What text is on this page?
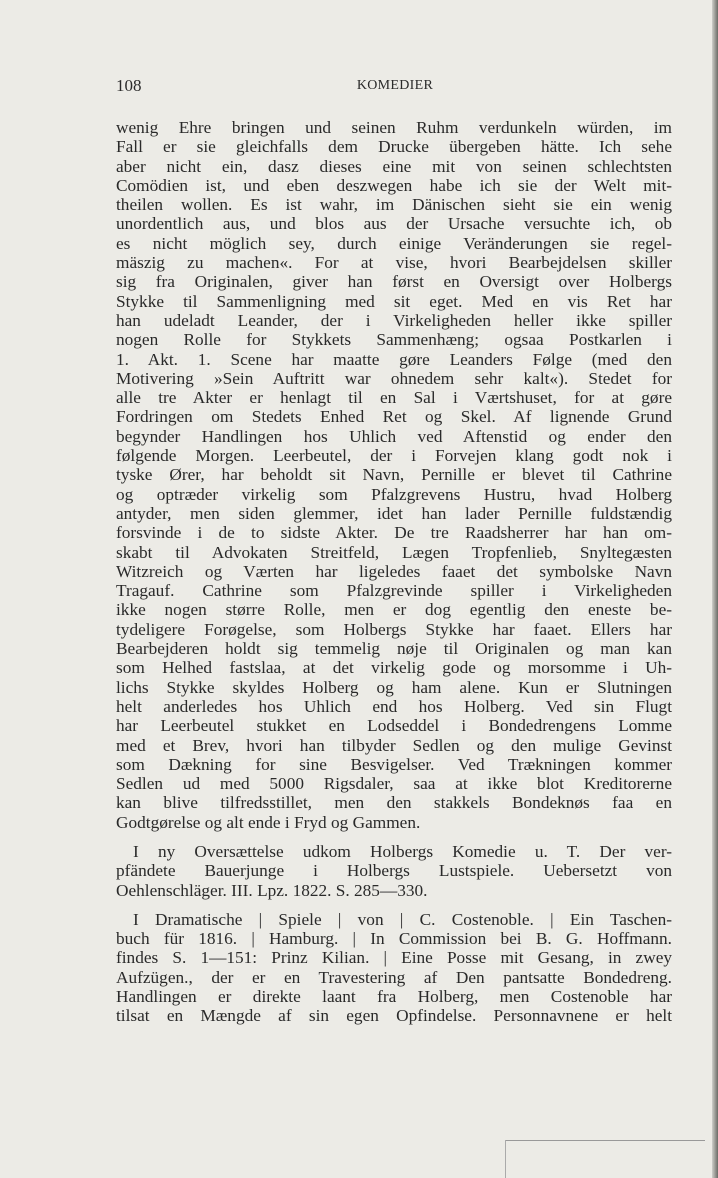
108	KOMEDIER
wenig Ehre bringen und seinen Ruhm verdunkeln würden, im
Fall er sie gleichfalls dem Drucke übergeben hätte. Ich sehe
aber nicht ein, dasz dieses eine mit von seinen schlechtsten
Comödien ist, und eben deszwegen habe ich sie der Welt mit-
theilen wollen. Es ist wahr, im Dänischen sieht sie ein wenig
unordentlich aus, und blos aus der Ursache versuchte ich, ob
es nicht möglich sey, durch einige Veränderungen sie regel-
mäszig zu machen«. For at vise, hvori Bearbejdelsen skiller
sig fra Originalen, giver han først en Oversigt over Holbergs
Stykke til Sammenligning med sit eget. Med en vis Ret har
han udeladt Leander, der i Virkeligheden heller ikke spiller
nogen Rolle for Stykkets Sammenhæng; ogsaa Postkarlen i
1. Akt. 1. Scene har maatte gøre Leanders Følge (med den
Motivering »Sein Auftritt war ohnedem sehr kalt«). Stedet for
alle tre Akter er henlagt til en Sal i Værtshuset, for at gøre
Fordringen om Stedets Enhed Ret og Skel. Af lignende Grund
begynder Handlingen hos Uhlich ved Aftenstid og ender den
følgende Morgen. Leerbeutel, der i Forvejen klang godt nok i
tyske Ører, har beholdt sit Navn, Pernille er blevet til Cathrine
og optræder virkelig som Pfalzgrevens Hustru, hvad Holberg
antyder, men siden glemmer, idet han lader Pernille fuldstændig
forsvinde i de to sidste Akter. De tre Raadsherrer har han om-
skabt til Advokaten Streitfeld, Lægen Tropfenlieb, Snyltegæsten
Witzreich og Værten har ligeledes faaet det symbolske Navn
Tragauf. Cathrine som Pfalzgrevinde spiller i Virkeligheden
ikke nogen større Rolle, men er dog egentlig den eneste be-
tydeligere Forøgelse, som Holbergs Stykke har faaet. Ellers har
Bearbejderen holdt sig temmelig nøje til Originalen og man kan
som Helhed fastslaa, at det virkelig gode og morsomme i Uh-
lichs Stykke skyldes Holberg og ham alene. Kun er Slutningen
helt anderledes hos Uhlich end hos Holberg. Ved sin Flugt
har Leerbeutel stukket en Lodseddel i Bondedrengens Lomme
med et Brev, hvori han tilbyder Sedlen og den mulige Gevinst
som Dækning for sine Besvigelser. Ved Trækningen kommer
Sedlen ud med 5000 Rigsdaler, saa at ikke blot Kreditorerne
kan blive tilfredsstillet, men den stakkels Bondeknøs faa en
Godtgørelse og alt ende i Fryd og Gammen.
I ny Oversættelse udkom Holbergs Komedie u. T. Der ver-
pfändete Bauerjunge i Holbergs Lustspiele. Uebersetzt von
Oehlenschläger. III. Lpz. 1822. S. 285—330.
I Dramatische | Spiele | von | C. Costenoble. | Ein Taschen-
buch für 1816. | Hamburg. | In Commission bei B. G. Hoffmann.
findes S. 1—151: Prinz Kilian. | Eine Posse mit Gesang, in zwey
Aufzügen., der er en Travestering af Den pantsatte Bondedreng.
Handlingen er direkte laant fra Holberg, men Costenoble har
tilsat en Mængde af sin egen Opfindelse. Personnavnene er helt
